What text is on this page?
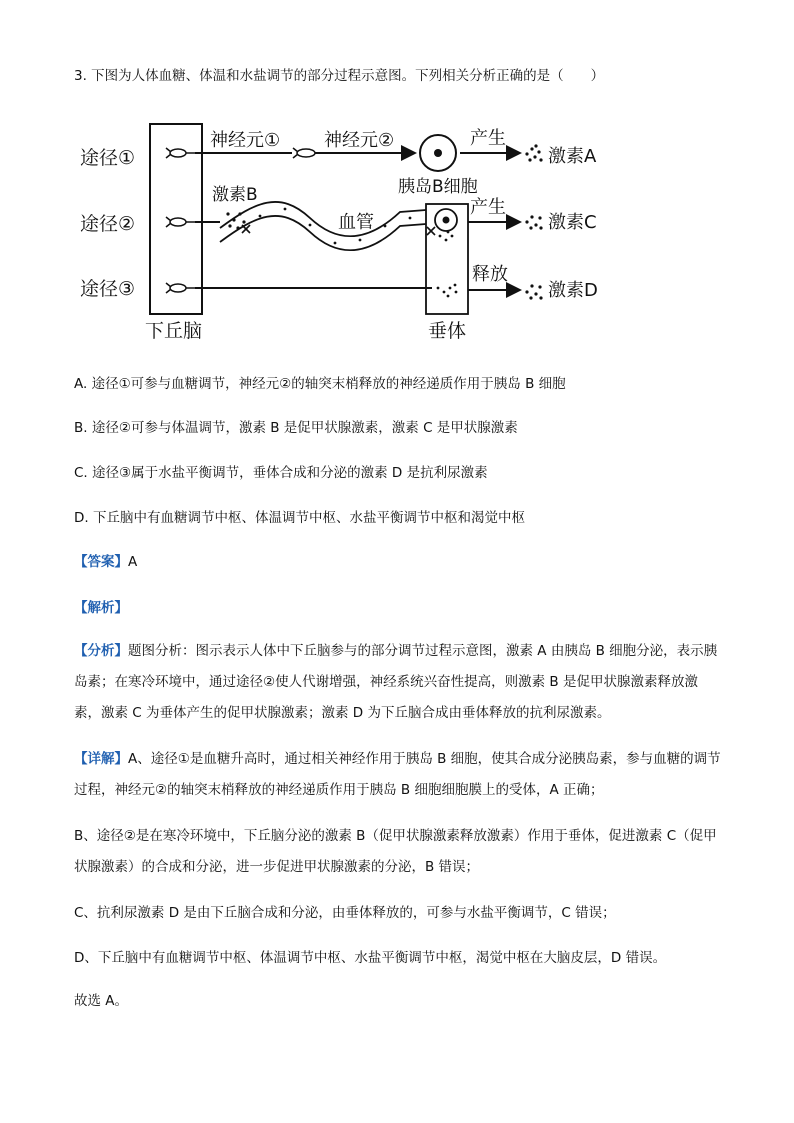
3. 下图为人体血糖、体温和水盐调节的部分过程示意图。下列相关分析正确的是（　　）
途径①
途径②
途径③
神经元① 神经元②
胰岛B细胞
产生
激素A
激素B
血管
产生
激素C
释放
激素D
下丘脑	垂体
A. 途径①可参与血糖调节，神经元②的轴突末梢释放的神经递质作用于胰岛 B 细胞
B. 途径②可参与体温调节，激素 B 是促甲状腺激素，激素 C 是甲状腺激素
C. 途径③属于水盐平衡调节，垂体合成和分泌的激素 D 是抗利尿激素
D. 下丘脑中有血糖调节中枢、体温调节中枢、水盐平衡调节中枢和渴觉中枢
【答案】A
【解析】
【分析】题图分析：图示表示人体中下丘脑参与的部分调节过程示意图，激素 A 由胰岛 B 细胞分泌，表示胰岛素；在寒冷环境中，通过途径②使人代谢增强，神经系统兴奋性提高，则激素 B 是促甲状腺激素释放激素，激素 C 为垂体产生的促甲状腺激素；激素 D 为下丘脑合成由垂体释放的抗利尿激素。
【详解】A、途径①是血糖升高时，通过相关神经作用于胰岛 B 细胞，使其合成分泌胰岛素，参与血糖的调节过程，神经元②的轴突末梢释放的神经递质作用于胰岛 B 细胞细胞膜上的受体，A 正确；
B、途径②是在寒冷环境中，下丘脑分泌的激素 B（促甲状腺激素释放激素）作用于垂体，促进激素 C（促甲状腺激素）的合成和分泌，进一步促进甲状腺激素的分泌，B 错误；
C、抗利尿激素 D 是由下丘脑合成和分泌，由垂体释放的，可参与水盐平衡调节，C 错误；
D、下丘脑中有血糖调节中枢、体温调节中枢、水盐平衡调节中枢，渴觉中枢在大脑皮层，D 错误。
故选 A。
